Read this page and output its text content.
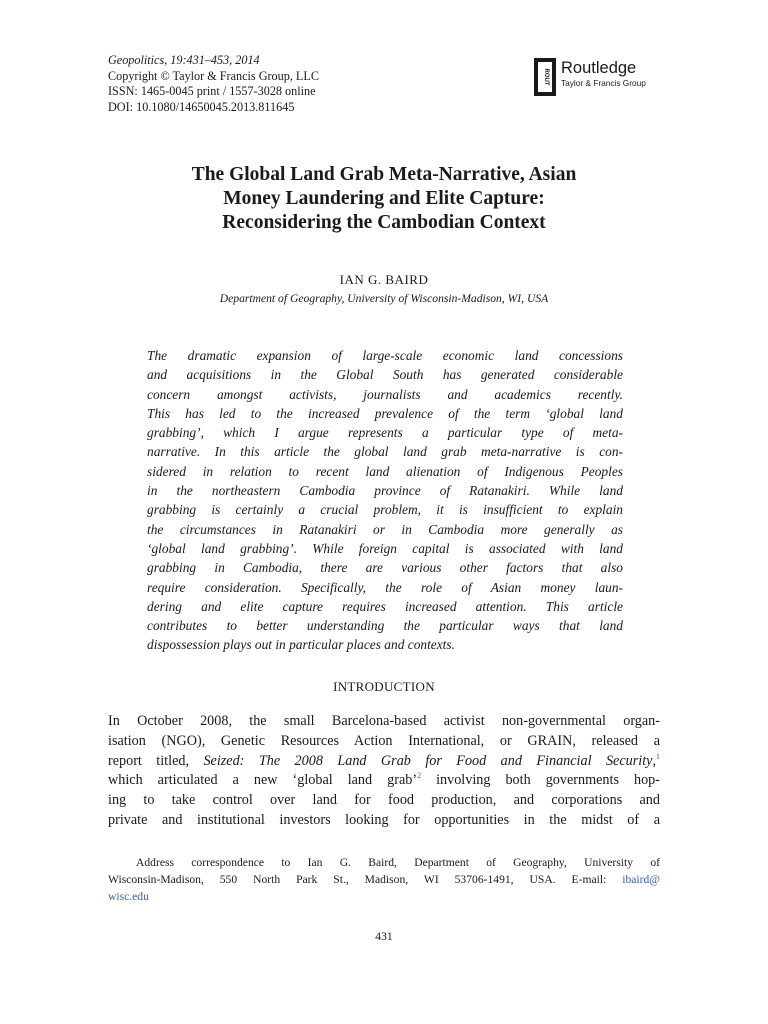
Geopolitics, 19:431–453, 2014
Copyright © Taylor & Francis Group, LLC
ISSN: 1465-0045 print / 1557-3028 online
DOI: 10.1080/14650045.2013.811645
ROUT Routledge
Taylor & Francis Group
The Global Land Grab Meta-Narrative, Asian
Money Laundering and Elite Capture:
Reconsidering the Cambodian Context
IAN G. BAIRD
Department of Geography, University of Wisconsin-Madison, WI, USA
The dramatic expansion of large-scale economic land concessions
and acquisitions in the Global South has generated considerable
concern amongst activists, journalists and academics recently.
This has led to the increased prevalence of the term ‘global land
grabbing’, which I argue represents a particular type of meta-
narrative. In this article the global land grab meta-narrative is con-
sidered in relation to recent land alienation of Indigenous Peoples
in the northeastern Cambodia province of Ratanakiri. While land
grabbing is certainly a crucial problem, it is insufficient to explain
the circumstances in Ratanakiri or in Cambodia more generally as
‘global land grabbing’. While foreign capital is associated with land
grabbing in Cambodia, there are various other factors that also
require consideration. Specifically, the role of Asian money laun-
dering and elite capture requires increased attention. This article
contributes to better understanding the particular ways that land
dispossession plays out in particular places and contexts.
INTRODUCTION
In October 2008, the small Barcelona-based activist non-governmental organ-
isation (NGO), Genetic Resources Action International, or GRAIN, released a
report titled, Seized: The 2008 Land Grab for Food and Financial Security,$^1$
which articulated a new ‘global land grab’$^2$ involving both governments hop-
ing to take control over land for food production, and corporations and
private and institutional investors looking for opportunities in the midst of a
Address correspondence to Ian G. Baird, Department of Geography, University of
Wisconsin-Madison, 550 North Park St., Madison, WI 53706-1491, USA. E-mail: ibaird@
wisc.edu
431
